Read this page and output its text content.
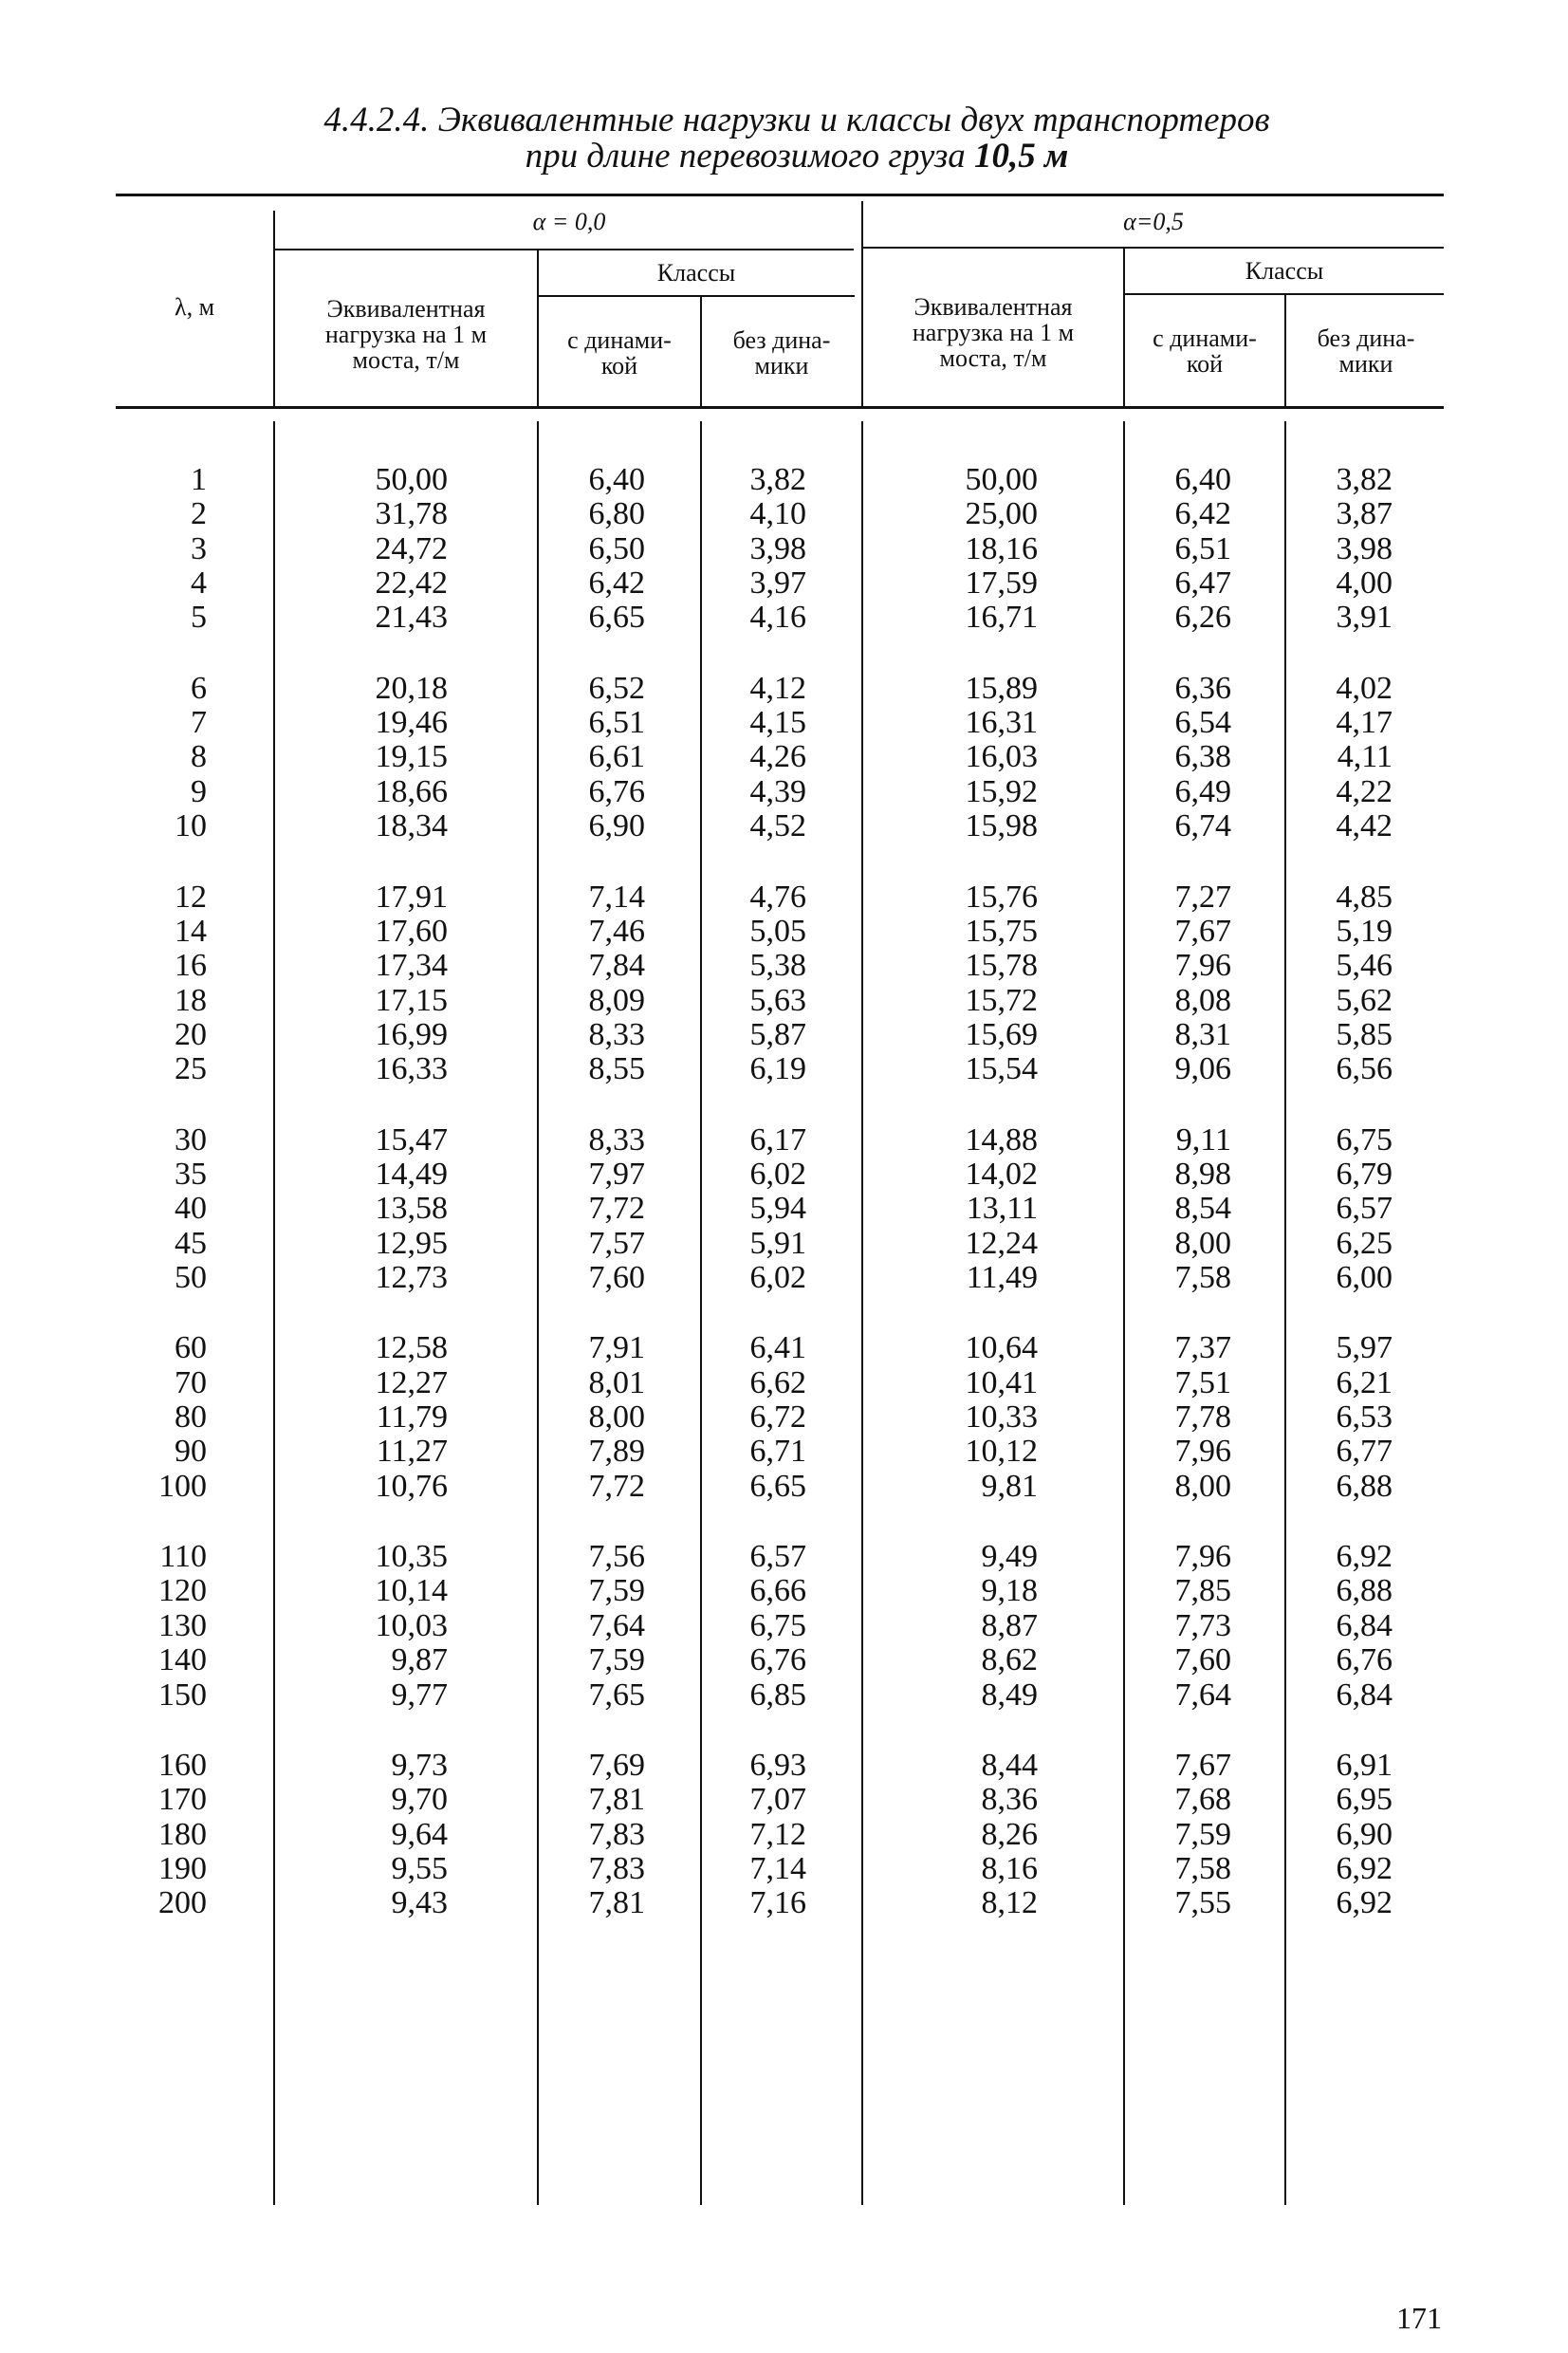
4.4.2.4. Эквивалентные нагрузки и классы двух транспортеров
при длине перевозимого груза 10,5 м
λ, м
α = 0,0	α=0,5
Эквивалентная
нагрузка на 1 м
моста, т/м
Классы
с динами-
кой
без дина-
мики
Эквивалентная
нагрузка на 1 м
моста, т/м
Классы
с динами-
кой
без дина-
мики
1	50,00	6,40	3,82	50,00	6,40	3,82
2	31,78	6,80	4,10	25,00	6,42	3,87
3	24,72	6,50	3,98	18,16	6,51	3,98
4	22,42	6,42	3,97	17,59	6,47	4,00
5	21,43	6,65	4,16	16,71	6,26	3,91
6	20,18	6,52	4,12	15,89	6,36	4,02
7	19,46	6,51	4,15	16,31	6,54	4,17
8	19,15	6,61	4,26	16,03	6,38	4,11
9	18,66	6,76	4,39	15,92	6,49	4,22
10	18,34	6,90	4,52	15,98	6,74	4,42
12	17,91	7,14	4,76	15,76	7,27	4,85
14	17,60	7,46	5,05	15,75	7,67	5,19
16	17,34	7,84	5,38	15,78	7,96	5,46
18	17,15	8,09	5,63	15,72	8,08	5,62
20	16,99	8,33	5,87	15,69	8,31	5,85
25	16,33	8,55	6,19	15,54	9,06	6,56
30	15,47	8,33	6,17	14,88	9,11	6,75
35	14,49	7,97	6,02	14,02	8,98	6,79
40	13,58	7,72	5,94	13,11	8,54	6,57
45	12,95	7,57	5,91	12,24	8,00	6,25
50	12,73	7,60	6,02	11,49	7,58	6,00
60	12,58	7,91	6,41	10,64	7,37	5,97
70	12,27	8,01	6,62	10,41	7,51	6,21
80	11,79	8,00	6,72	10,33	7,78	6,53
90	11,27	7,89	6,71	10,12	7,96	6,77
100	10,76	7,72	6,65	9,81	8,00	6,88
110	10,35	7,56	6,57	9,49	7,96	6,92
120	10,14	7,59	6,66	9,18	7,85	6,88
130	10,03	7,64	6,75	8,87	7,73	6,84
140	9,87	7,59	6,76	8,62	7,60	6,76
150	9,77	7,65	6,85	8,49	7,64	6,84
160	9,73	7,69	6,93	8,44	7,67	6,91
170	9,70	7,81	7,07	8,36	7,68	6,95
180	9,64	7,83	7,12	8,26	7,59	6,90
190	9,55	7,83	7,14	8,16	7,58	6,92
200	9,43	7,81	7,16	8,12	7,55	6,92
171
